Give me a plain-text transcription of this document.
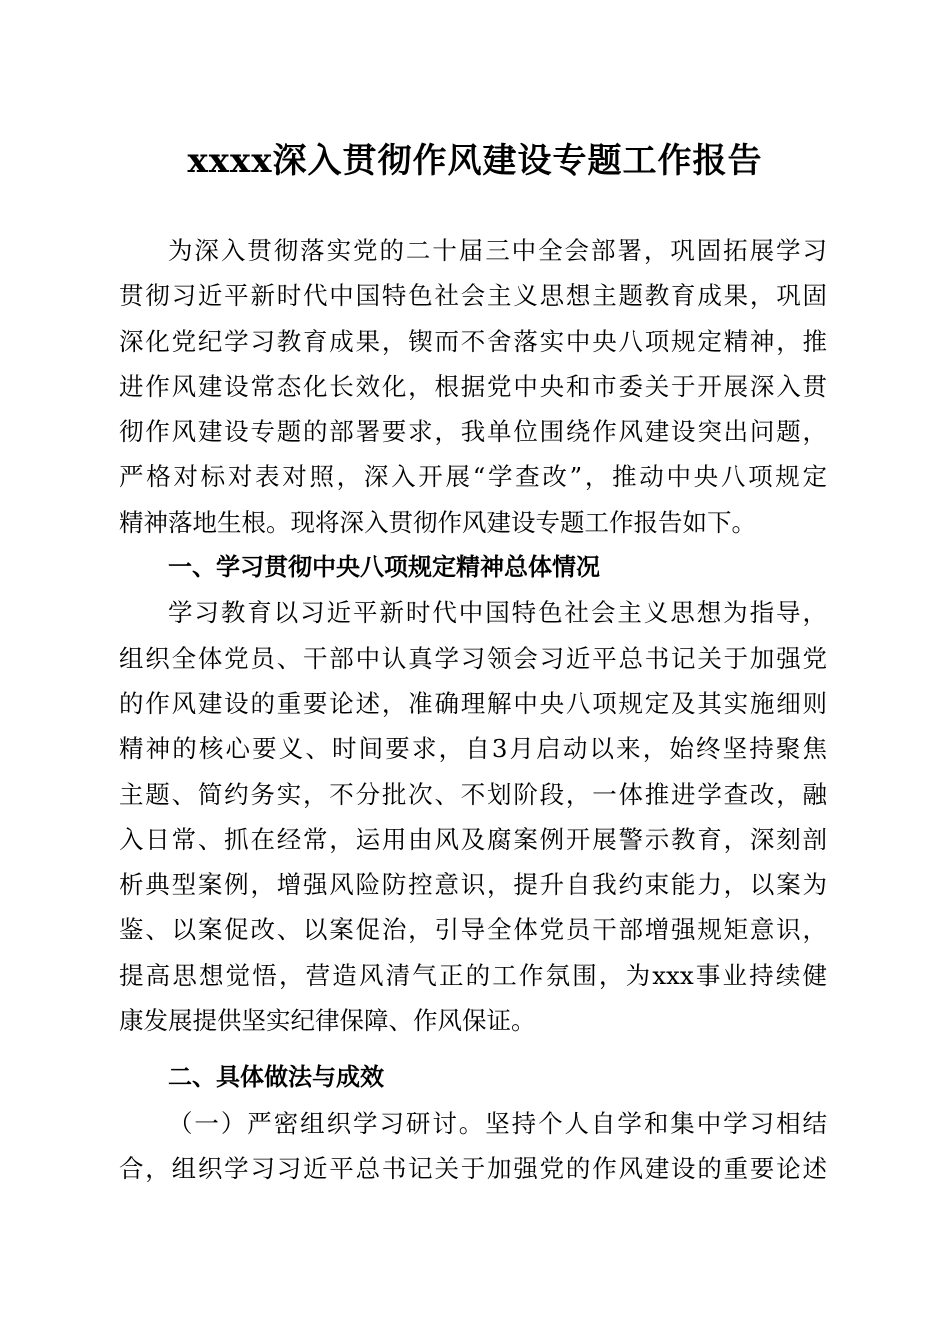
xxxx深入贯彻作风建设专题工作报告
为深入贯彻落实党的二十届三中全会部署，巩固拓展学习
贯彻习近平新时代中国特色社会主义思想主题教育成果，巩固
深化党纪学习教育成果，锲而不舍落实中央八项规定精神，推
进作风建设常态化长效化，根据党中央和市委关于开展深入贯
彻作风建设专题的部署要求，我单位围绕作风建设突出问题，
严格对标对表对照，深入开展“学查改”，推动中央八项规定
精神落地生根。现将深入贯彻作风建设专题工作报告如下。
一、学习贯彻中央八项规定精神总体情况
学习教育以习近平新时代中国特色社会主义思想为指导，
组织全体党员、干部中认真学习领会习近平总书记关于加强党
的作风建设的重要论述，准确理解中央八项规定及其实施细则
精神的核心要义、时间要求，自3月启动以来，始终坚持聚焦
主题、简约务实，不分批次、不划阶段，一体推进学查改，融
入日常、抓在经常，运用由风及腐案例开展警示教育，深刻剖
析典型案例，增强风险防控意识，提升自我约束能力，以案为
鉴、以案促改、以案促治，引导全体党员干部增强规矩意识，
提高思想觉悟，营造风清气正的工作氛围，为xxx事业持续健
康发展提供坚实纪律保障、作风保证。
二、具体做法与成效
（一）严密组织学习研讨。坚持个人自学和集中学习相结
合，组织学习习近平总书记关于加强党的作风建设的重要论述
